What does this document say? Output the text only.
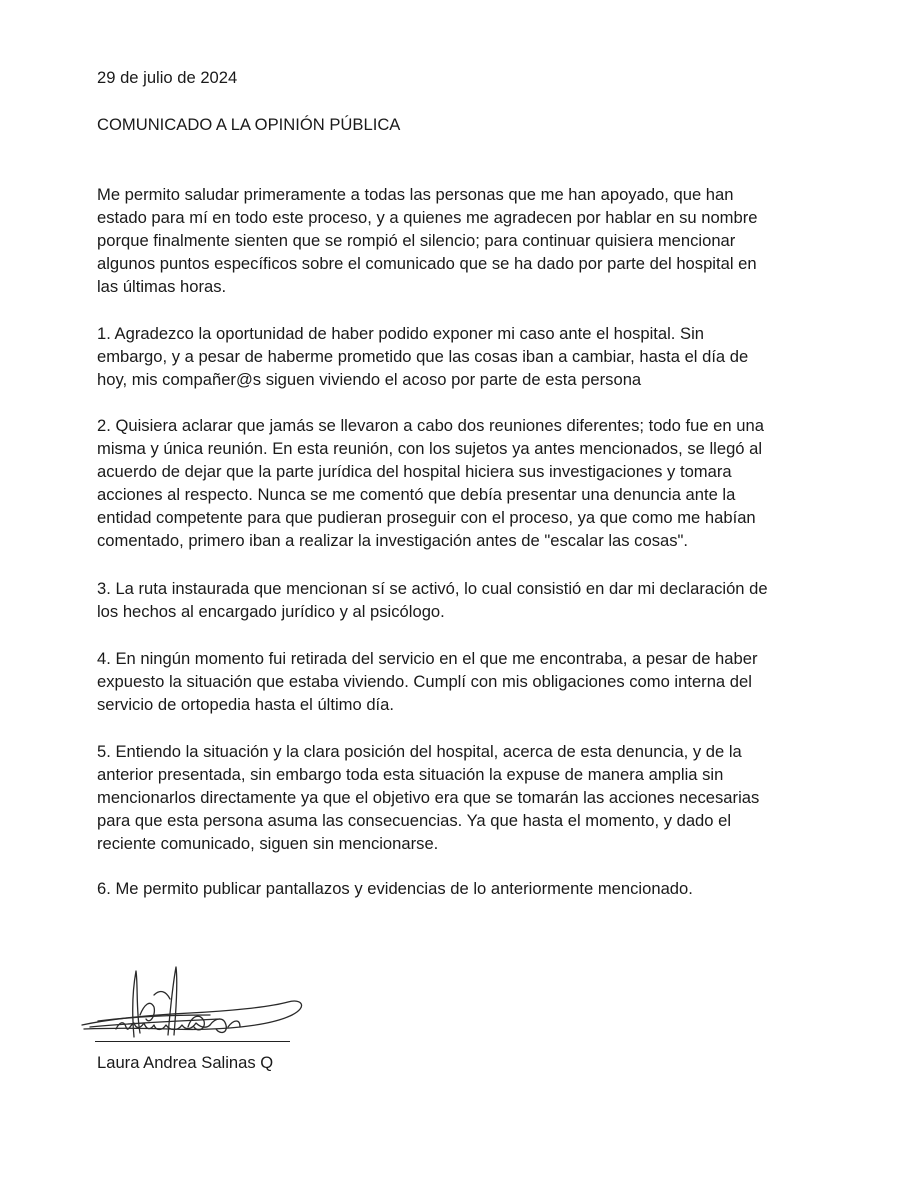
29 de julio de 2024

COMUNICADO A LA OPINIÓN PÚBLICA

Me permito saludar primeramente a todas las personas que me han apoyado, que han
estado para mí en todo este proceso, y a quienes me agradecen por hablar en su nombre
porque finalmente sienten que se rompió el silencio; para continuar quisiera mencionar
algunos puntos específicos sobre el comunicado que se ha dado por parte del hospital en
las últimas horas.

1. Agradezco la oportunidad de haber podido exponer mi caso ante el hospital. Sin
embargo, y a pesar de haberme prometido que las cosas iban a cambiar, hasta el día de
hoy, mis compañer@s siguen viviendo el acoso por parte de esta persona

2. Quisiera aclarar que jamás se llevaron a cabo dos reuniones diferentes; todo fue en una
misma y única reunión. En esta reunión, con los sujetos ya antes mencionados, se llegó al
acuerdo de dejar que la parte jurídica del hospital hiciera sus investigaciones y tomara
acciones al respecto. Nunca se me comentó que debía presentar una denuncia ante la
entidad competente para que pudieran proseguir con el proceso, ya que como me habían
comentado, primero iban a realizar la investigación antes de "escalar las cosas".

3. La ruta instaurada que mencionan sí se activó, lo cual consistió en dar mi declaración de
los hechos al encargado jurídico y al psicólogo.

4. En ningún momento fui retirada del servicio en el que me encontraba, a pesar de haber
expuesto la situación que estaba viviendo. Cumplí con mis obligaciones como interna del
servicio de ortopedia hasta el último día.

5. Entiendo la situación y la clara posición del hospital, acerca de esta denuncia, y de la
anterior presentada, sin embargo toda esta situación la expuse de manera amplia sin
mencionarlos directamente ya que el objetivo era que se tomarán las acciones necesarias
para que esta persona asuma las consecuencias. Ya que hasta el momento, y dado el
reciente comunicado, siguen sin mencionarse.

6. Me permito publicar pantallazos y evidencias de lo anteriormente mencionado.

Laura Andrea Salinas Q
